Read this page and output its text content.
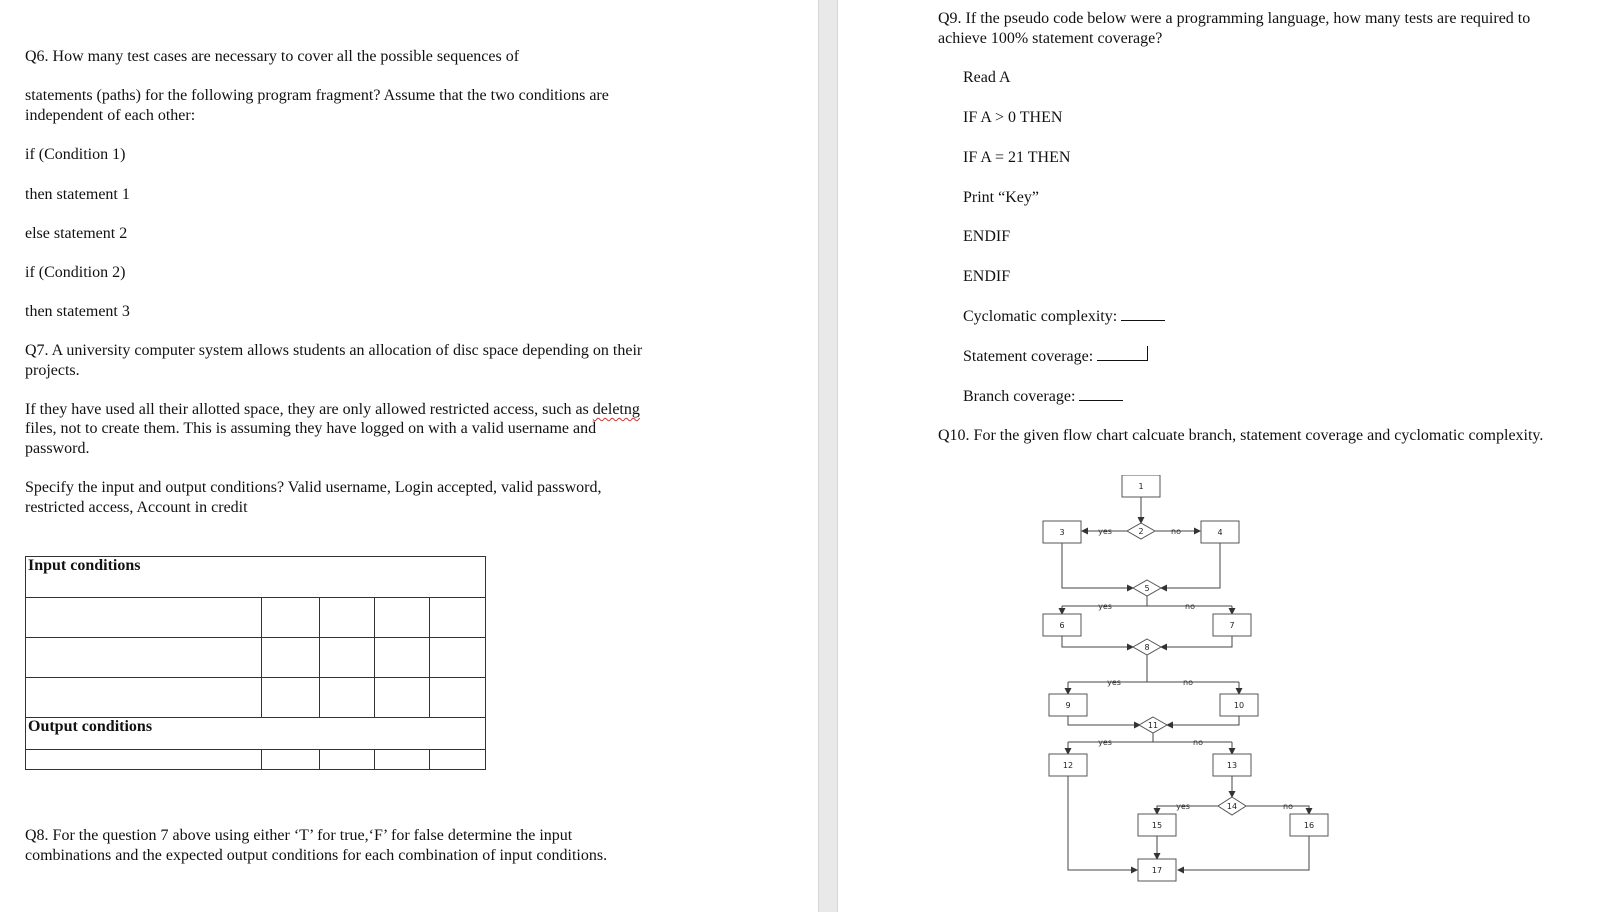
Q6. How many test cases are necessary to cover all the possible sequences of
statements (paths) for the following program fragment? Assume that the two conditions are
independent of each other:
if (Condition 1)
then statement 1
else statement 2
if (Condition 2)
then statement 3
Q7. A university computer system allows students an allocation of disc space depending on their
projects.
If they have used all their allotted space, they are only allowed restricted access, such as deletng
files, not to create them. This is assuming they have logged on with a valid username and
password.
Specify the input and output conditions? Valid username, Login accepted, valid password,
restricted access, Account in credit
Input conditions				

Output conditions				

Q8. For the question 7 above using either ‘T’ for true,‘F’ for false determine the input
combinations and the expected output conditions for each combination of input conditions.
Q9. If the pseudo code below were a programming language, how many tests are required to
achieve 100% statement coverage?
Read A
IF A > 0 THEN
IF A = 21 THEN
Print “Key”
ENDIF
ENDIF
Cyclomatic complexity:
Statement coverage:
Branch coverage:
Q10. For the given flow chart calcuate branch, statement coverage and cyclomatic complexity.
yes	no
yes	no
yes	no
yes	no
yes	no
1
2
3	4
5
6	7
8
9	10
11
12	13
14
15	16
17
